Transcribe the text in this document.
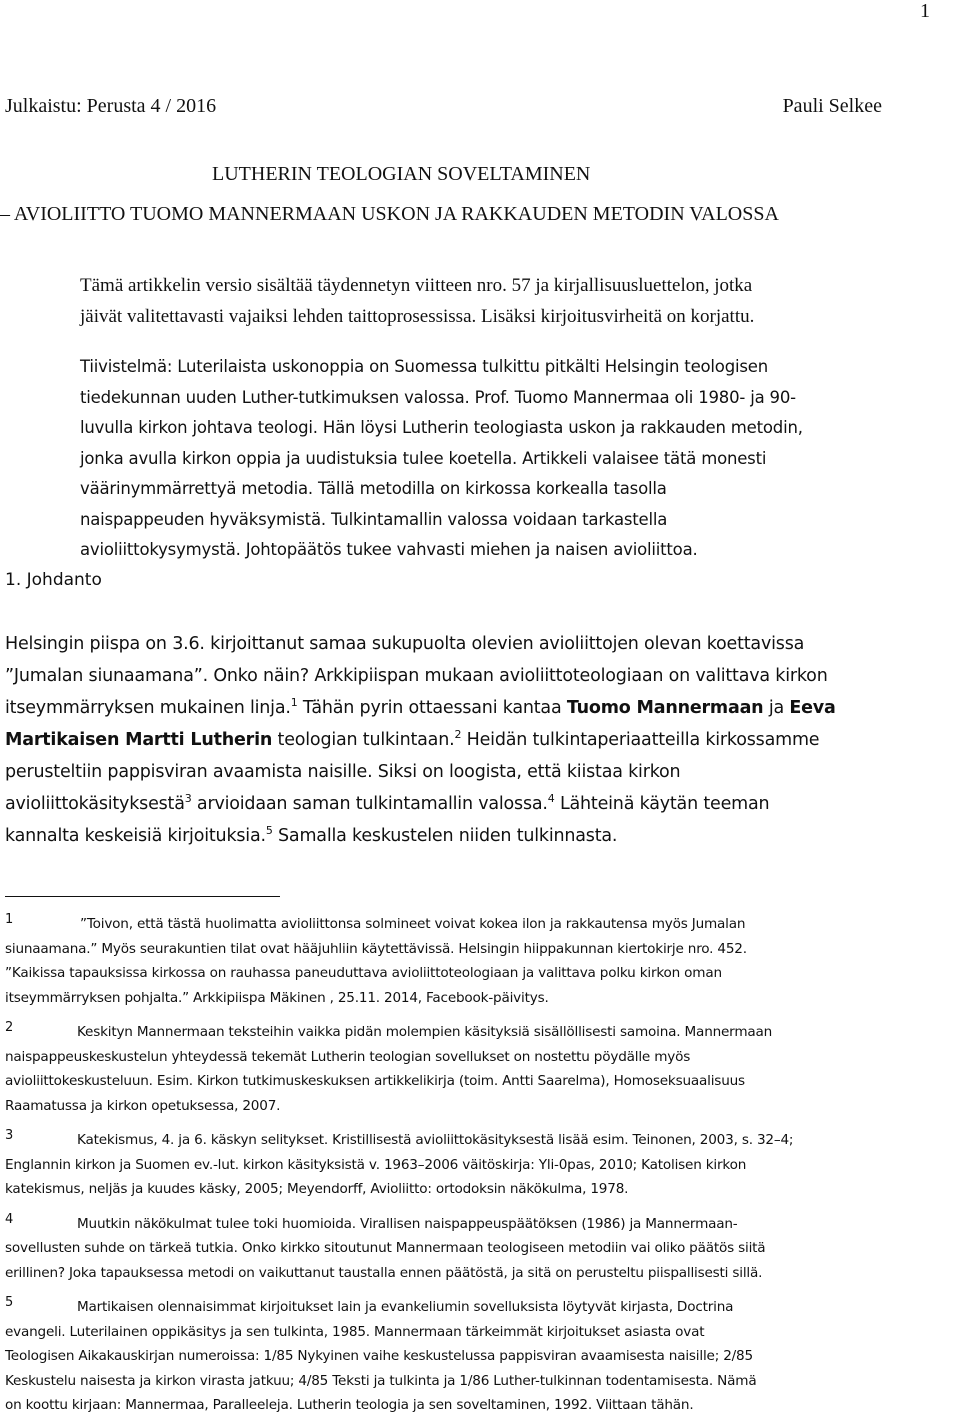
1
Julkaistu: Perusta 4 / 2016	Pauli Selkee
LUTHERIN TEOLOGIAN SOVELTAMINEN
– AVIOLIITTO TUOMO MANNERMAAN USKON JA RAKKAUDEN METODIN VALOSSA

Tämä artikkelin versio sisältää täydennetyn viitteen nro. 57 ja kirjallisuusluettelon, jotka

jäivät valitettavasti vajaiksi lehden taittoprosessissa. Lisäksi kirjoitusvirheitä on korjattu.

Tiivistelmä: Luterilaista uskonoppia on Suomessa tulkittu pitkälti Helsingin teologisen

tiedekunnan uuden Luther-tutkimuksen valossa. Prof. Tuomo Mannermaa oli 1980- ja 90-

luvulla kirkon johtava teologi. Hän löysi Lutherin teologiasta uskon ja rakkauden metodin,

jonka avulla kirkon oppia ja uudistuksia tulee koetella. Artikkeli valaisee tätä monesti

väärinymmärrettyä metodia. Tällä metodilla on kirkossa korkealla tasolla

naispappeuden hyväksymistä. Tulkintamallin valossa voidaan tarkastella

avioliittokysymystä. Johtopäätös tukee vahvasti miehen ja naisen avioliittoa.

1. Johdanto

Helsingin piispa on 3.6. kirjoittanut samaa sukupuolta olevien avioliittojen olevan koettavissa

”Jumalan siunaamana”. Onko näin? Arkkipiispan mukaan avioliittoteologiaan on valittava kirkon

itseymmärryksen mukainen linja.$^1$ Tähän pyrin ottaessani kantaa Tuomo Mannermaan ja Eeva

Martikaisen Martti Lutherin teologian tulkintaan.$^2$ Heidän tulkintaperiaatteilla kirkossamme

perusteltiin pappisviran avaamista naisille. Siksi on loogista, että kiistaa kirkon

avioliittokäsityksestä$^3$ arvioidaan saman tulkintamallin valossa.$^4$ Lähteinä käytän teeman

kannalta keskeisiä kirjoituksia.$^5$ Samalla keskustelen niiden tulkinnasta.

1	”Toivon, että tästä huolimatta avioliittonsa solmineet voivat kokea ilon ja rakkautensa myös Jumalan

siunaamana.” Myös seurakuntien tilat ovat hääjuhliin käytettävissä. Helsingin hiippakunnan kiertokirje nro. 452.

”Kaikissa tapauksissa kirkossa on rauhassa paneuduttava avioliittoteologiaan ja valittava polku kirkon oman

itseymmärryksen pohjalta.” Arkkipiispa Mäkinen , 25.11. 2014, Facebook-päivitys.

2	Keskityn Mannermaan teksteihin vaikka pidän molempien käsityksiä sisällöllisesti samoina. Mannermaan

naispappeuskeskustelun yhteydessä tekemät Lutherin teologian sovellukset on nostettu pöydälle myös

avioliittokeskusteluun. Esim. Kirkon tutkimuskeskuksen artikkelikirja (toim. Antti Saarelma), Homoseksuaalisuus

Raamatussa ja kirkon opetuksessa, 2007.

3	Katekismus, 4. ja 6. käskyn selitykset. Kristillisestä avioliittokäsityksestä lisää esim. Teinonen, 2003, s. 32–4;

Englannin kirkon ja Suomen ev.-lut. kirkon käsityksistä v. 1963–2006 väitöskirja: Yli-0pas, 2010; Katolisen kirkon

katekismus, neljäs ja kuudes käsky, 2005; Meyendorff, Avioliitto: ortodoksin näkökulma, 1978.

4	Muutkin näkökulmat tulee toki huomioida. Virallisen naispappeuspäätöksen (1986) ja Mannermaan-

sovellusten suhde on tärkeä tutkia. Onko kirkko sitoutunut Mannermaan teologiseen metodiin vai oliko päätös siitä

erillinen? Joka tapauksessa metodi on vaikuttanut taustalla ennen päätöstä, ja sitä on perusteltu piispallisesti sillä.

5	Martikaisen olennaisimmat kirjoitukset lain ja evankeliumin sovelluksista löytyvät kirjasta, Doctrina

evangeli. Luterilainen oppikäsitys ja sen tulkinta, 1985. Mannermaan tärkeimmät kirjoitukset asiasta ovat

Teologisen Aikakauskirjan numeroissa: 1/85 Nykyinen vaihe keskustelussa pappisviran avaamisesta naisille; 2/85

Keskustelu naisesta ja kirkon virasta jatkuu; 4/85 Teksti ja tulkinta ja 1/86 Luther-tulkinnan todentamisesta. Nämä

on koottu kirjaan: Mannermaa, Paralleeleja. Lutherin teologia ja sen soveltaminen, 1992. Viittaan tähän.
